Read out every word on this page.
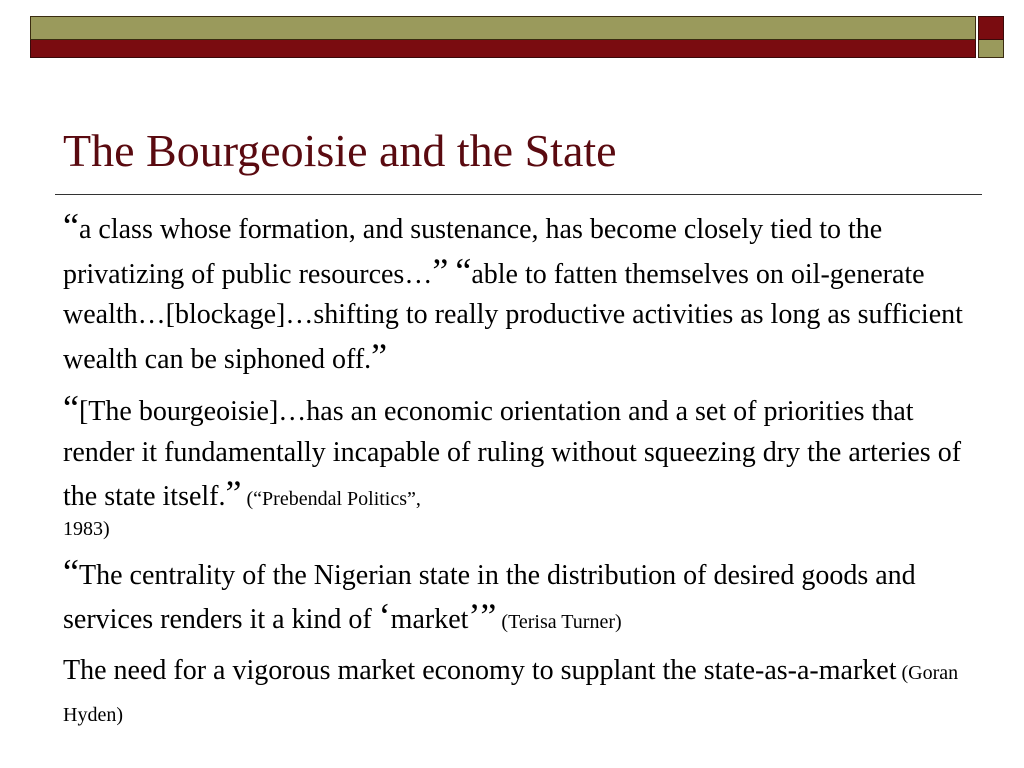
The Bourgeoisie and the State

“a class whose formation, and sustenance, has become closely tied to the privatizing of public resources…” “able to fatten themselves on oil-generate wealth…[blockage]…shifting to really productive activities as long as sufficient wealth can be siphoned off.”

“[The bourgeoisie]…has an economic orientation and a set of priorities that render it fundamentally incapable of ruling without squeezing dry the arteries of the state itself.” (“Prebendal Politics”,
1983)

“The centrality of the Nigerian state in the distribution of desired goods and services renders it a kind of ‘market’” (Terisa Turner)

The need for a vigorous market economy to supplant the state-as-a-market (Goran Hyden)
